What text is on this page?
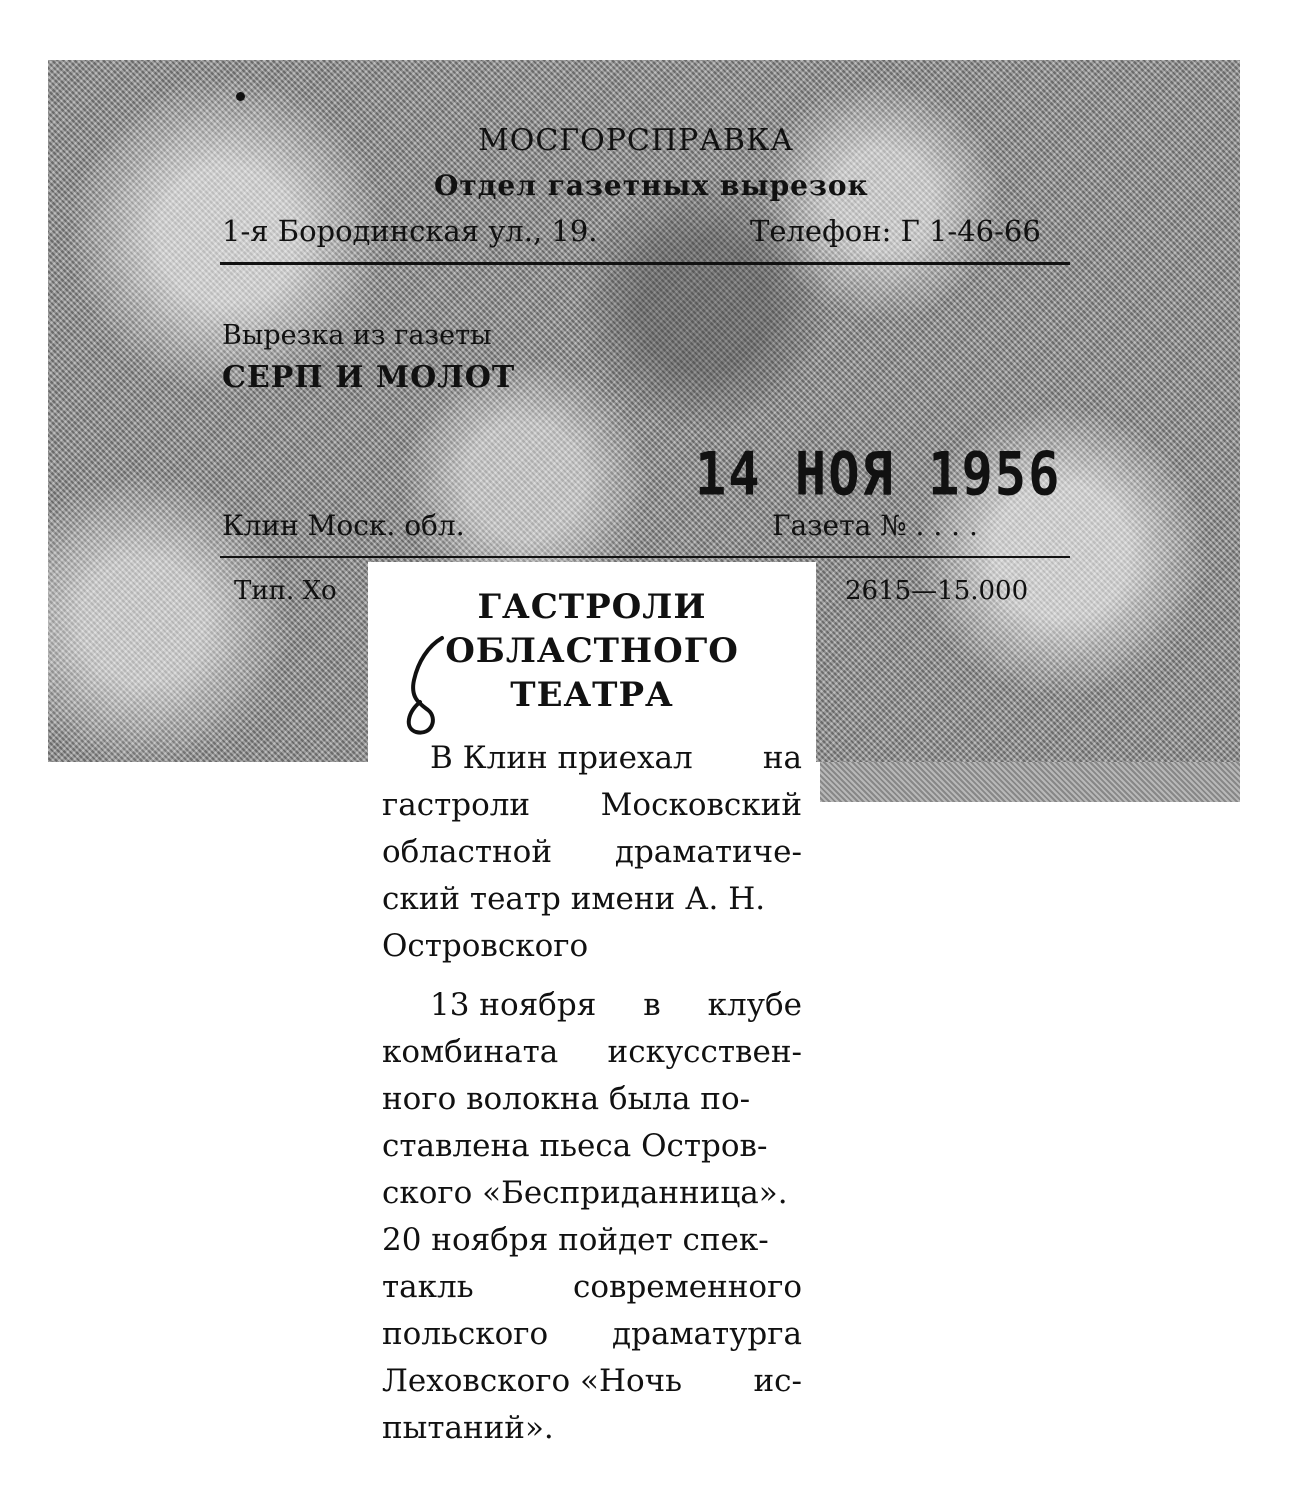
МОСГОРСПРАВКА
Отдел газетных вырезок
1-я Бородинская ул., 19.	Телефон: Г 1-46-66
Вырезка из газеты
СЕРП И МОЛОТ
14 НОЯ 1956
Клин Моск. обл.	Газета № . . . .
Тип. Хо	2615—15.000
ГАСТРОЛИ
ОБЛАСТНОГО
ТЕАТРА
В Клин приехал на
гастроли Московский
областной драматиче-
ский театр имени А. Н.
Островского
13 ноября в клубе
комбината искусствен-
ного волокна была по-
ставлена пьеса Остров-
ского «Бесприданница».
20 ноября пойдет спек-
такль	современного
польского драматурга
Леховского «Ночь ис-
пытаний».
